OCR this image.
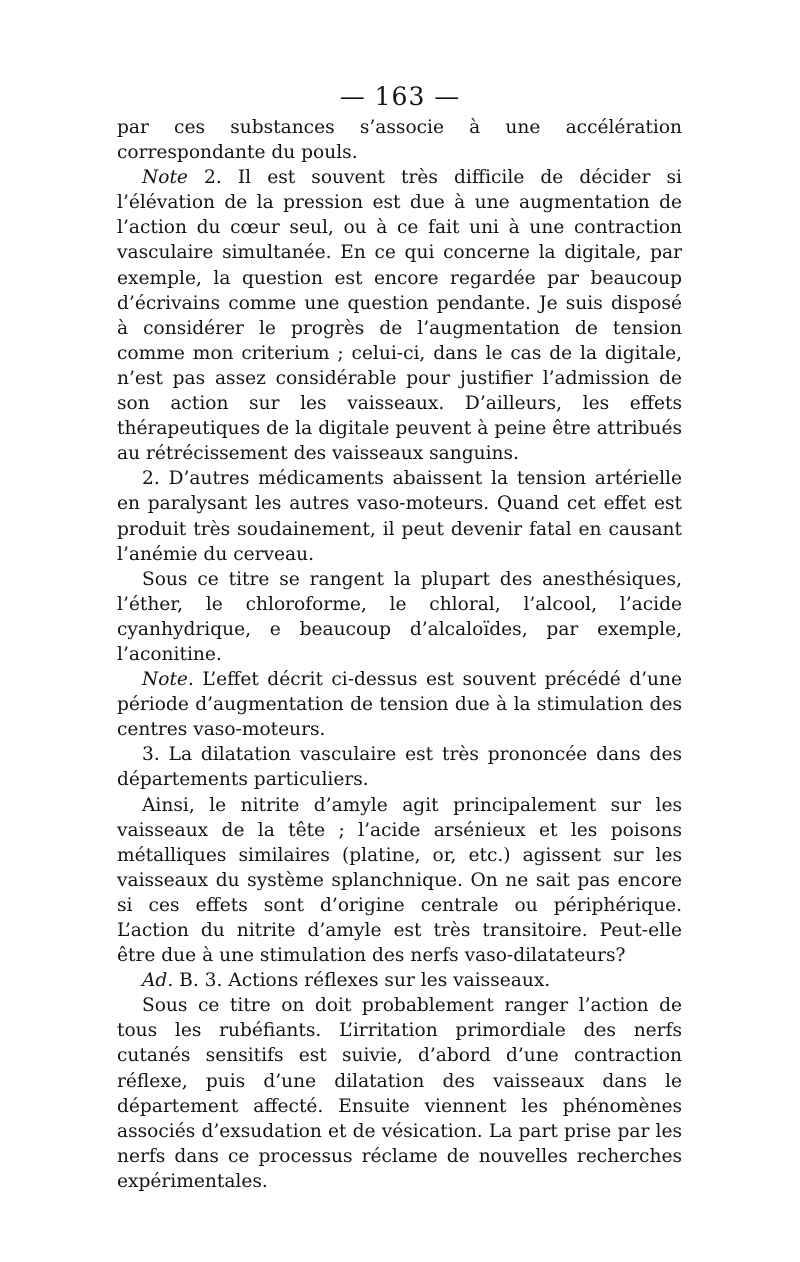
— 163 —

par ces substances s’associe à une accélération correspondante du pouls.

Note 2. Il est souvent très difficile de décider si l’élévation de la pression est due à une augmentation de l’action du cœur seul, ou à ce fait uni à une contraction vasculaire simultanée. En ce qui concerne la digitale, par exemple, la question est encore regardée par beaucoup d’écrivains comme une question pendante. Je suis disposé à considérer le progrès de l’augmentation de tension comme mon criterium ; celui-ci, dans le cas de la digitale, n’est pas assez considérable pour justifier l’admission de son action sur les vaisseaux. D’ailleurs, les effets thérapeutiques de la digitale peuvent à peine être attribués au rétrécissement des vaisseaux sanguins.

2. D’autres médicaments abaissent la tension artérielle en paralysant les autres vaso-moteurs. Quand cet effet est produit très soudainement, il peut devenir fatal en causant l’anémie du cerveau.

Sous ce titre se rangent la plupart des anesthésiques, l’éther, le chloroforme, le chloral, l’alcool, l’acide cyanhydrique, e beaucoup d’alcaloïdes, par exemple, l’aconitine.

Note. L’effet décrit ci-dessus est souvent précédé d’une période d’augmentation de tension due à la stimulation des centres vaso-moteurs.

3. La dilatation vasculaire est très prononcée dans des départements particuliers.

Ainsi, le nitrite d’amyle agit principalement sur les vaisseaux de la tête ; l’acide arsénieux et les poisons métalliques similaires (platine, or, etc.) agissent sur les vaisseaux du système splanchnique. On ne sait pas encore si ces effets sont d’origine centrale ou périphérique. L’action du nitrite d’amyle est très transitoire. Peut-elle être due à une stimulation des nerfs vaso-dilatateurs?

Ad. B. 3. Actions réflexes sur les vaisseaux.

Sous ce titre on doit probablement ranger l’action de tous les rubéfiants. L’irritation primordiale des nerfs cutanés sensitifs est suivie, d’abord d’une contraction réflexe, puis d’une dilatation des vaisseaux dans le département affecté. Ensuite viennent les phénomènes associés d’exsudation et de vésication. La part prise par les nerfs dans ce processus réclame de nouvelles recherches expérimentales.
